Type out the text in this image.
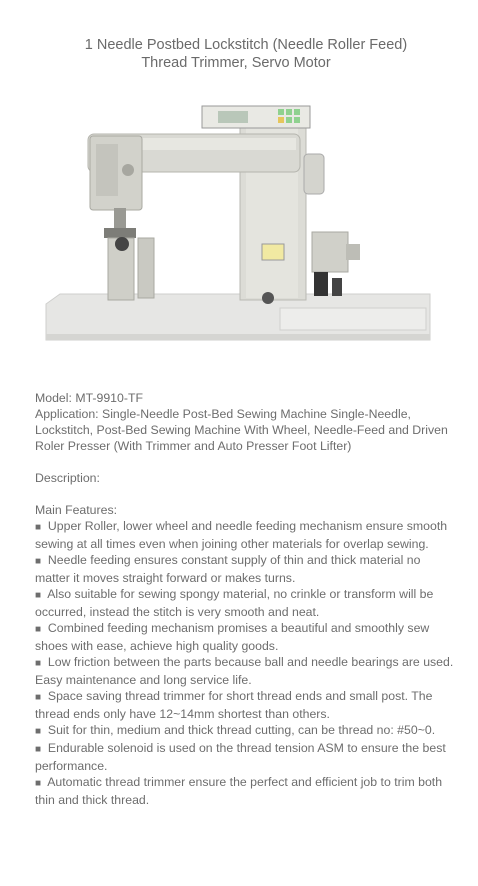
1 Needle Postbed Lockstitch (Needle Roller Feed)
Thread Trimmer, Servo Motor

Model: MT-9910-TF

Application: Single-Needle Post-Bed Sewing Machine Single-Needle, Lockstitch, Post-Bed Sewing Machine With Wheel, Needle-Feed and Driven Roler Presser (With Trimmer and Auto Presser Foot Lifter)

Description:

Main Features:

■ Upper Roller, lower wheel and needle feeding mechanism ensure smooth sewing at all times even when joining other materials for overlap sewing.

■ Needle feeding ensures constant supply of thin and thick material no matter it moves straight forward or makes turns.

■ Also suitable for sewing spongy material, no crinkle or transform will be occurred, instead the stitch is very smooth and neat.

■ Combined feeding mechanism promises a beautiful and smoothly sew shoes with ease, achieve high quality goods.

■ Low friction between the parts because ball and needle bearings are used. Easy maintenance and long service life.

■ Space saving thread trimmer for short thread ends and small post. The thread ends only have 12~14mm shortest than others.

■ Suit for thin, medium and thick thread cutting, can be thread no: #50~0.

■ Endurable solenoid is used on the thread tension ASM to ensure the best performance.

■ Automatic thread trimmer ensure the perfect and efficient job to trim both thin and thick thread.
